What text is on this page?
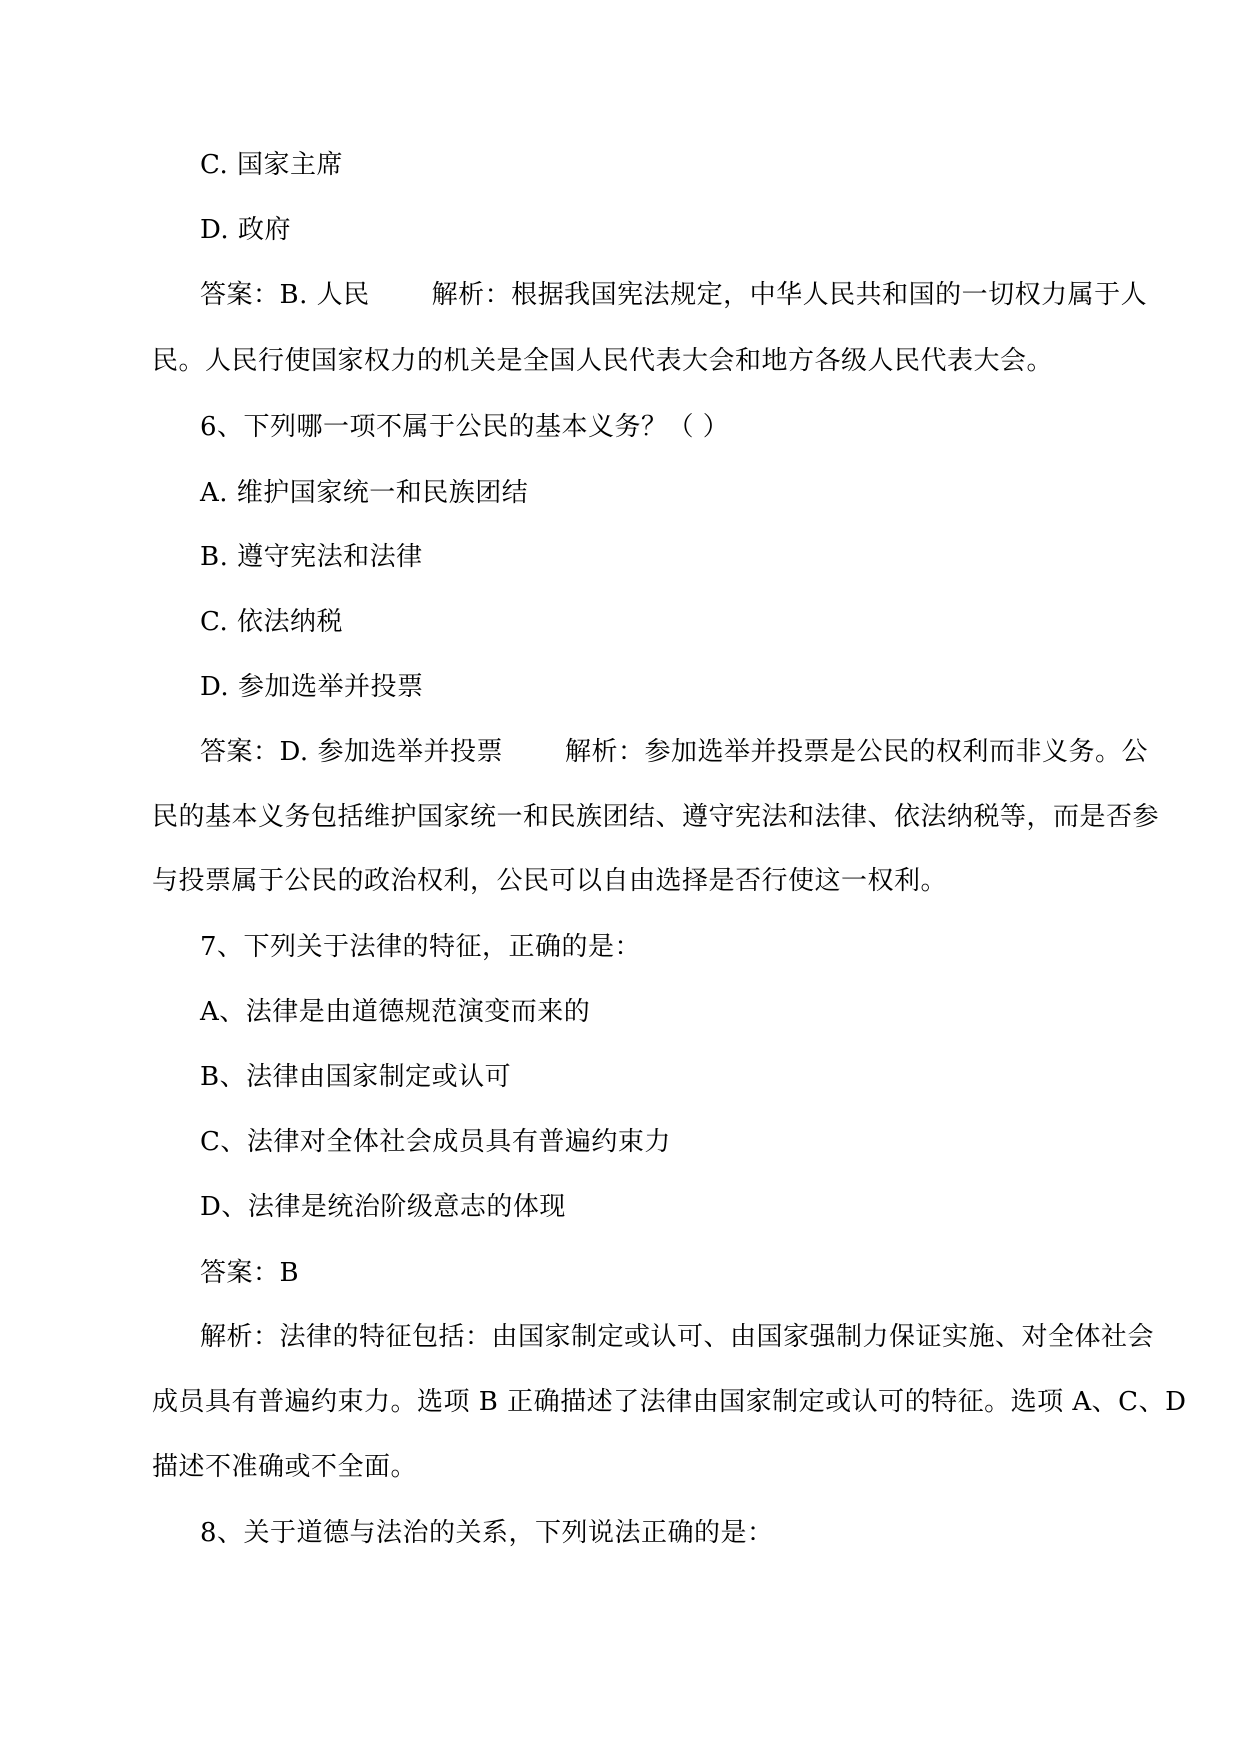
C. 国家主席
D. 政府
答案：B. 人民 解析：根据我国宪法规定，中华人民共和国的一切权力属于人
民。人民行使国家权力的机关是全国人民代表大会和地方各级人民代表大会。
6、下列哪一项不属于公民的基本义务？（ ）
A. 维护国家统一和民族团结
B. 遵守宪法和法律
C. 依法纳税
D. 参加选举并投票
答案：D. 参加选举并投票 解析：参加选举并投票是公民的权利而非义务。公
民的基本义务包括维护国家统一和民族团结、遵守宪法和法律、依法纳税等，而是否参
与投票属于公民的政治权利，公民可以自由选择是否行使这一权利。
7、下列关于法律的特征，正确的是：
A、法律是由道德规范演变而来的
B、法律由国家制定或认可
C、法律对全体社会成员具有普遍约束力
D、法律是统治阶级意志的体现
答案：B
解析：法律的特征包括：由国家制定或认可、由国家强制力保证实施、对全体社会
成员具有普遍约束力。选项 B 正确描述了法律由国家制定或认可的特征。选项 A、C、D
描述不准确或不全面。
8、关于道德与法治的关系，下列说法正确的是：
